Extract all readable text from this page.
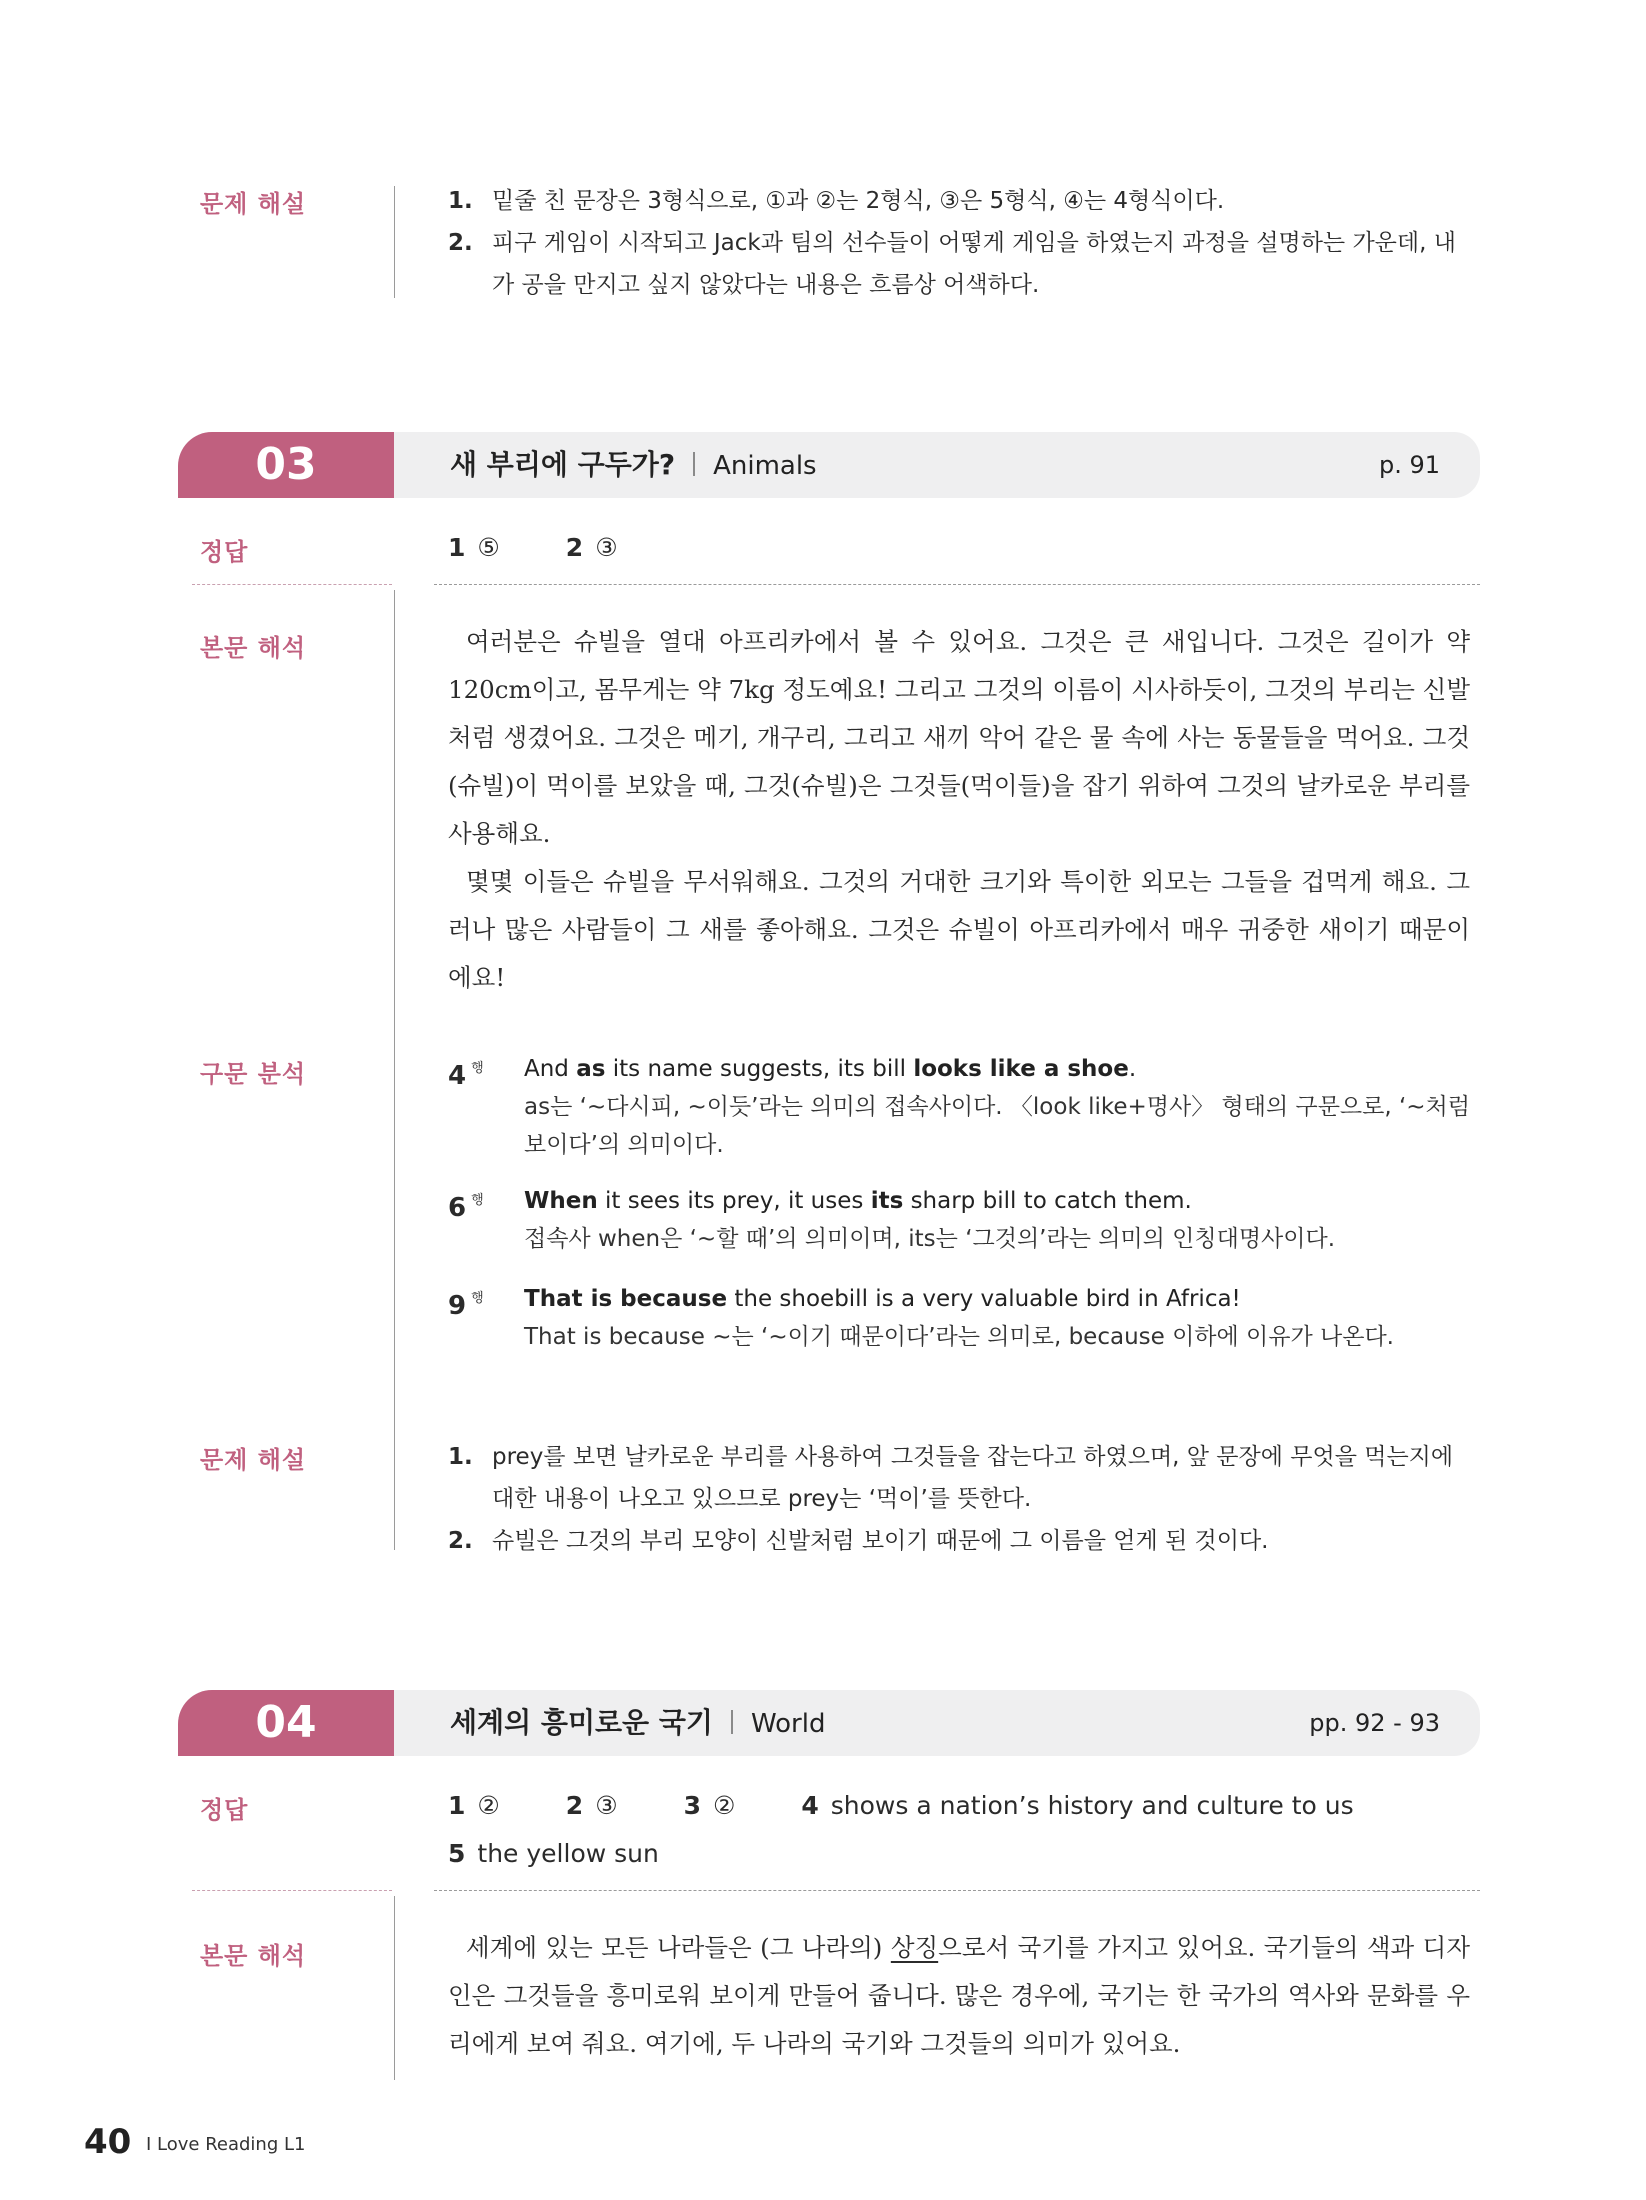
문제 해설	1. 밑줄 친 문장은 3형식으로, ①과 ②는 2형식, ③은 5형식, ④는 4형식이다.
2. 피구 게임이 시작되고 Jack과 팀의 선수들이 어떻게 게임을 하였는지 과정을 설명하는 가운데, 내가 공을 만지고 싶지 않았다는 내용은 흐름상 어색하다.
03	새 부리에 구두가? Animals	p. 91
정답	1 ⑤	2 ③
본문 해석	여러분은 슈빌을 열대 아프리카에서 볼 수 있어요. 그것은 큰 새입니다. 그것은 길이가 약 120cm이고, 몸무게는 약 7kg 정도예요! 그리고 그것의 이름이 시사하듯이, 그것의 부리는 신발처럼 생겼어요. 그것은 메기, 개구리, 그리고 새끼 악어 같은 물 속에 사는 동물들을 먹어요. 그것(슈빌)이 먹이를 보았을 때, 그것(슈빌)은 그것들(먹이들)을 잡기 위하여 그것의 날카로운 부리를 사용해요.

몇몇 이들은 슈빌을 무서워해요. 그것의 거대한 크기와 특이한 외모는 그들을 겁먹게 해요. 그러나 많은 사람들이 그 새를 좋아해요. 그것은 슈빌이 아프리카에서 매우 귀중한 새이기 때문이에요!

구문 분석	4 $^행$ And as its name suggests, its bill looks like a shoe.
as는 ‘~다시피, ~이듯’라는 의미의 접속사이다. 〈look like+명사〉 형태의 구문으로, ‘~처럼 보이다’의 의미이다.
6 $^행$ When it sees its prey, it uses its sharp bill to catch them.
접속사 when은 ‘~할 때’의 의미이며, its는 ‘그것의’라는 의미의 인칭대명사이다.
9 $^행$ That is because the shoebill is a very valuable bird in Africa!
That is because ~는 ‘~이기 때문이다’라는 의미로, because 이하에 이유가 나온다.
문제 해설	1. prey를 보면 날카로운 부리를 사용하여 그것들을 잡는다고 하였으며, 앞 문장에 무엇을 먹는지에 대한 내용이 나오고 있으므로 prey는 ‘먹이’를 뜻한다.
2. 슈빌은 그것의 부리 모양이 신발처럼 보이기 때문에 그 이름을 얻게 된 것이다.
04	세계의 흥미로운 국기 World	pp. 92 - 93
정답	1 ②	2 ③	3 ②	4 shows a nation’s history and culture to us
5 the yellow sun
본문 해석	세계에 있는 모든 나라들은 (그 나라의) 상징으로서 국기를 가지고 있어요. 국기들의 색과 디자인은 그것들을 흥미로워 보이게 만들어 줍니다. 많은 경우에, 국기는 한 국가의 역사와 문화를 우리에게 보여 줘요. 여기에, 두 나라의 국기와 그것들의 의미가 있어요.

40 I Love Reading L1
